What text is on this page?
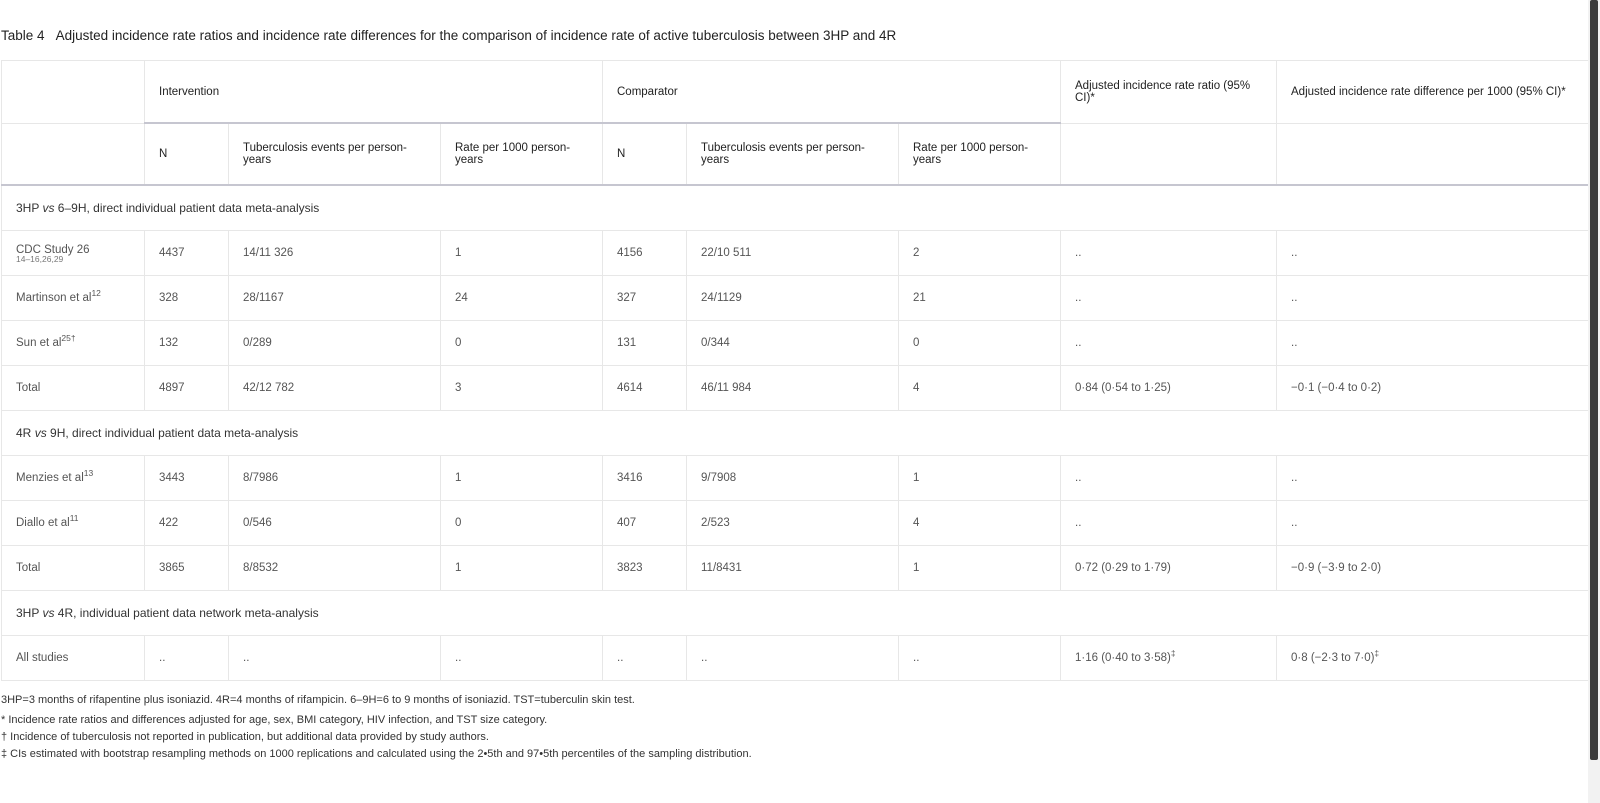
Table 4 Adjusted incidence rate ratios and incidence rate differences for the comparison of incidence rate of active tuberculosis between 3HP and 4R
	Intervention			Comparator			Adjusted incidence rate ratio (95% CI)*	Adjusted incidence rate difference per 1000 (95% CI)*
	N	Tuberculosis events per person-years	Rate per 1000 person-years	N	Tuberculosis events per person-years	Rate per 1000 person-years		
3HP vs 6–9H, direct individual patient data meta-analysis								
CDC Study 26
14–16,26,29	4437	14/11 326	1	4156	22/10 511	2	..	..
Martinson et $al^{12}$	328	28/1167	24	327	24/1129	21	..	..
Sun et $al^{25\dagger}$	132	0/289	0	131	0/344	0	..	..
Total	4897	42/12 782	3	4614	46/11 984	4	0·84 (0·54 to 1·25)	−0·1 (−0·4 to 0·2)
4R vs 9H, direct individual patient data meta-analysis								
Menzies et $al^{13}$	3443	8/7986	1	3416	9/7908	1	..	..
Diallo et $al^{11}$	422	0/546	0	407	2/523	4	..	..
Total	3865	8/8532	1	3823	11/8431	1	0·72 (0·29 to 1·79)	−0·9 (−3·9 to 2·0)
3HP vs 4R, individual patient data network meta-analysis								
All studies	..	..	..	..	..	..	1·16 (0·40 to 3·58)‡	0·8 (−2·3 to 7·0)‡
3HP=3 months of rifapentine plus isoniazid. 4R=4 months of rifampicin. 6–9H=6 to 9 months of isoniazid. TST=tuberculin skin test.
* Incidence rate ratios and differences adjusted for age, sex, BMI category, HIV infection, and TST size category.
† Incidence of tuberculosis not reported in publication, but additional data provided by study authors.
‡ CIs estimated with bootstrap resampling methods on 1000 replications and calculated using the 2•5th and 97•5th percentiles of the sampling distribution.
